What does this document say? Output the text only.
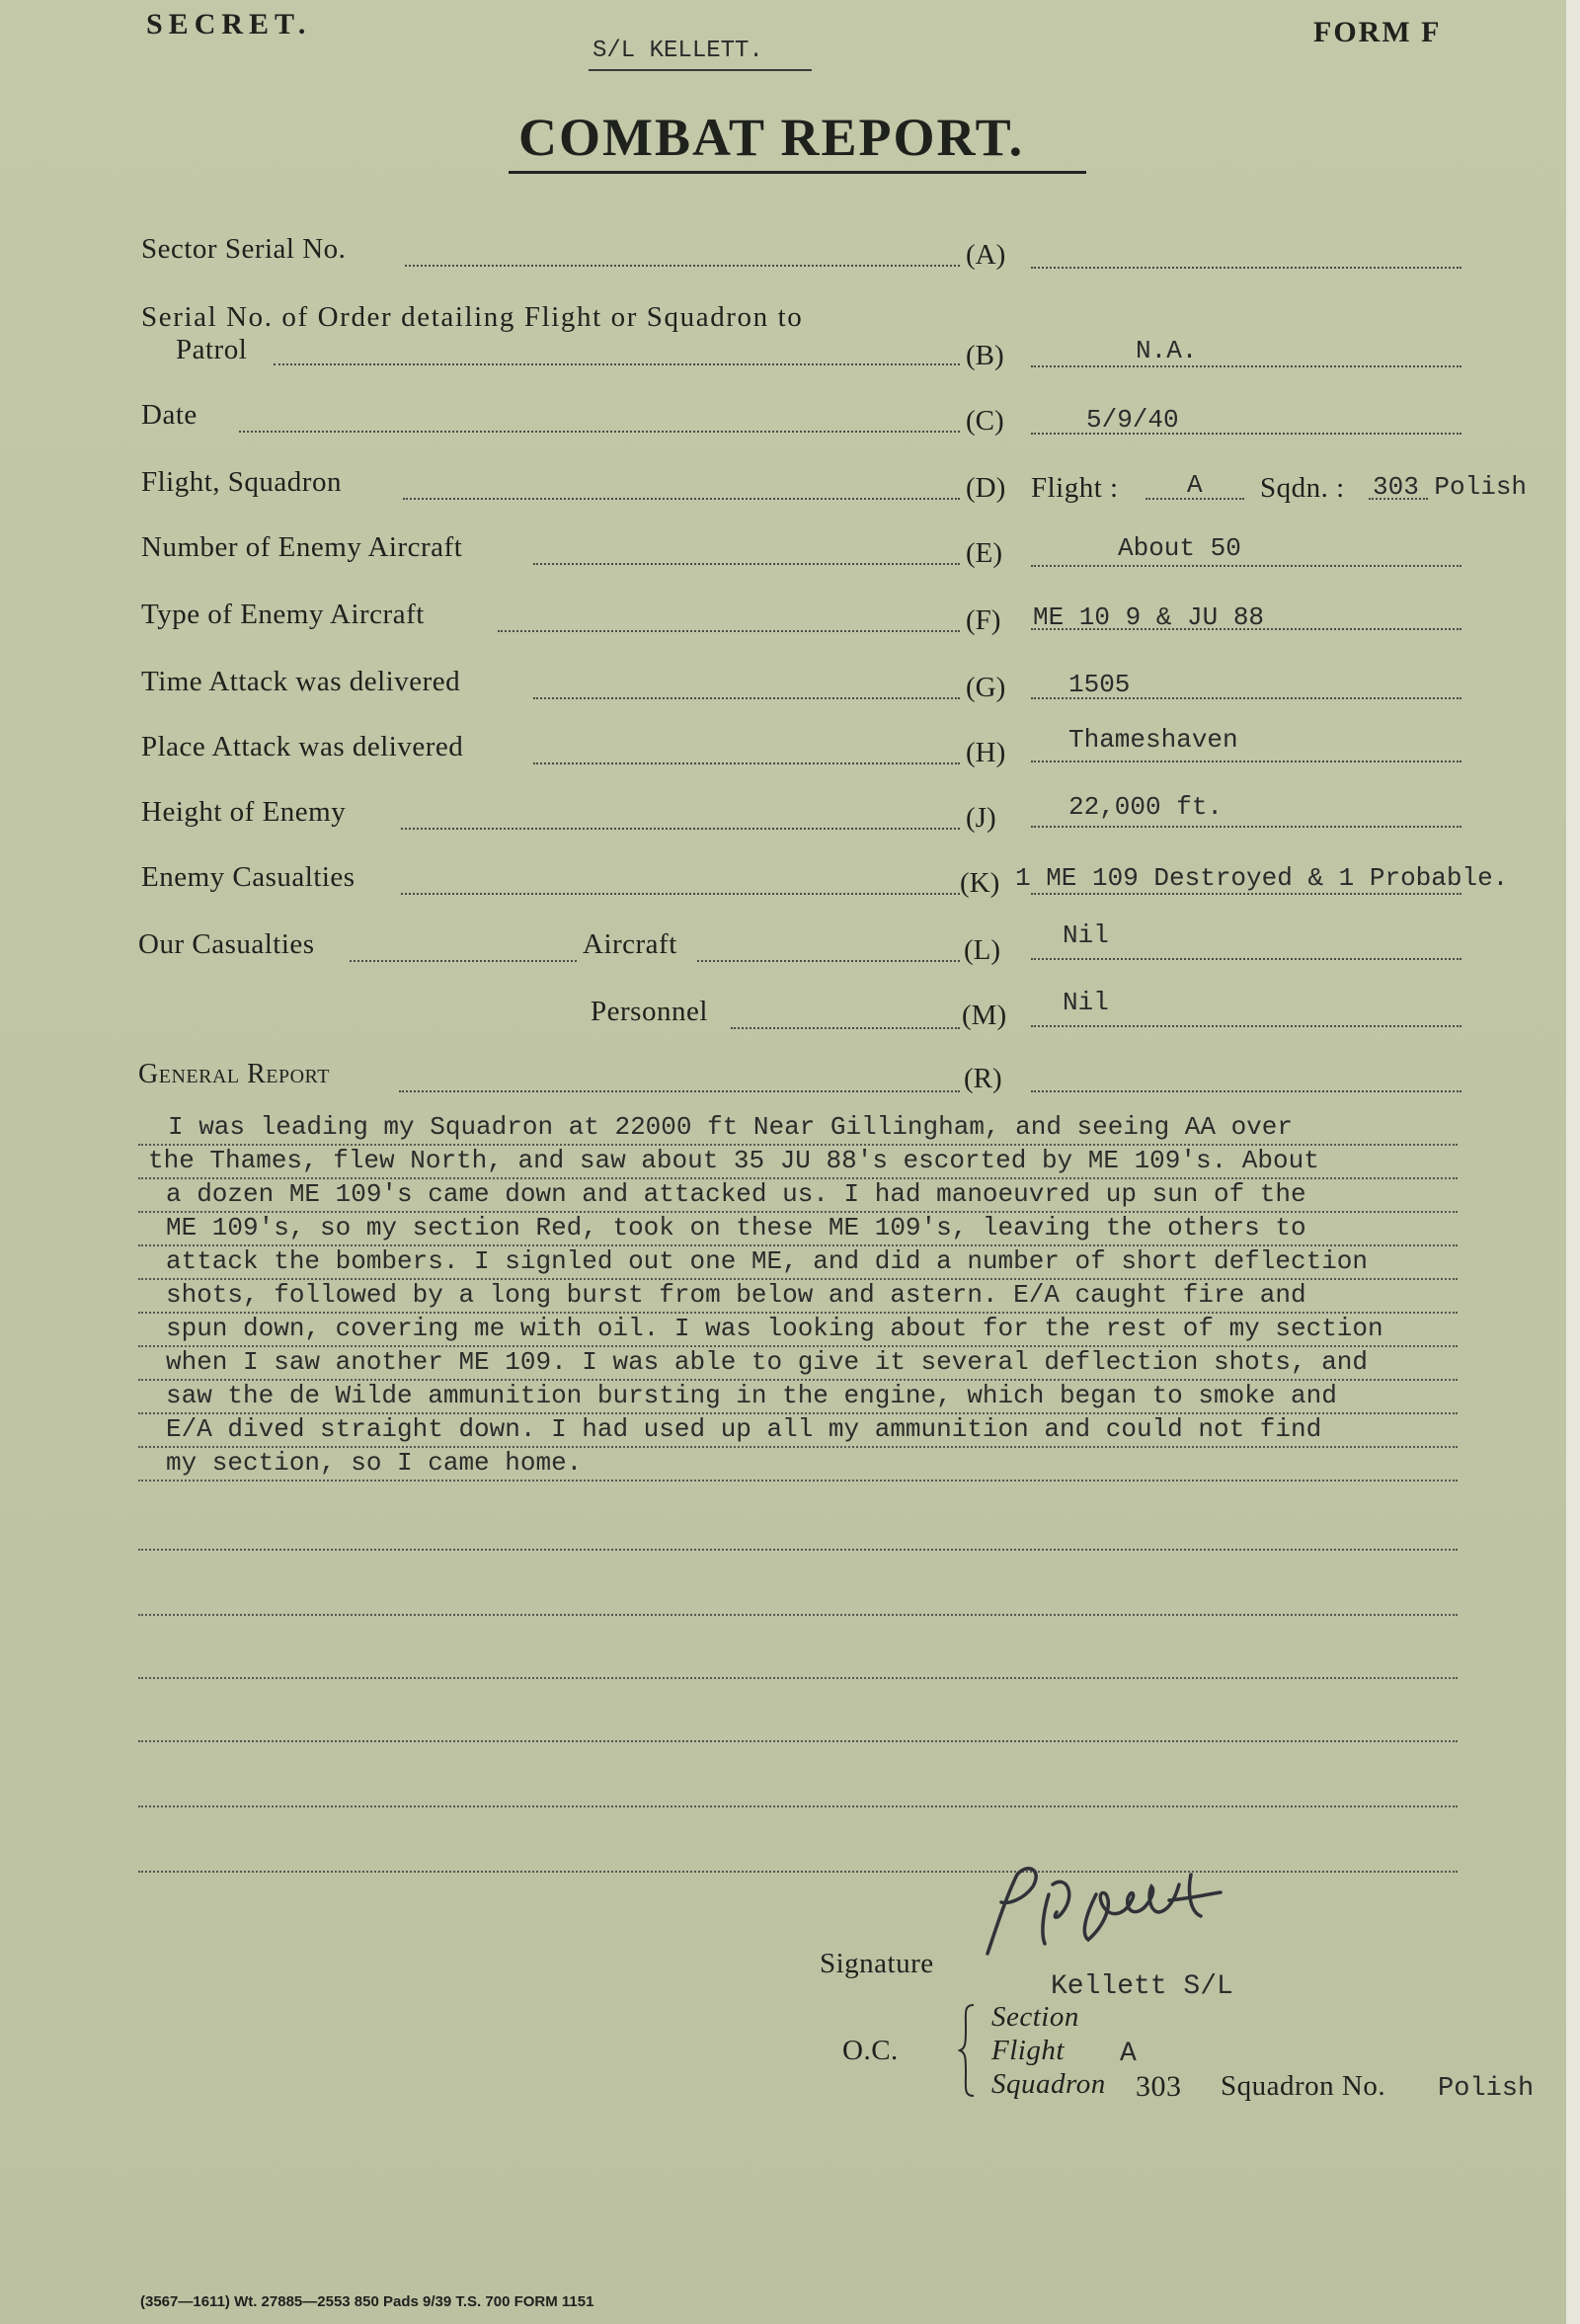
SECRET.	FORM F
S/L KELLETT.
COMBAT REPORT.
Sector Serial No.	(A)
Serial No. of Order detailing Flight or Squadron to
Patrol	(B)	N.A.
Date	(C)	5/9/40
Flight, Squadron	(D) Flight :	A Sqdn. : 303 Polish
Number of Enemy Aircraft	(E)	About 50
Type of Enemy Aircraft	(F) ME 10 9 & JU 88
Time Attack was delivered	(G) 1505
Place Attack was delivered	(H) Thameshaven
Height of Enemy	(J)	22,000 ft.
Enemy Casualties	(K) 1 ME 109 Destroyed & 1 Probable.
Our Casualties	Aircraft	(L) Nil
Personnel	(M) Nil
General Report	(R)
I was leading my Squadron at 22000 ft Near Gillingham, and seeing AA over
the Thames, flew North, and saw about 35 JU 88's escorted by ME 109's. About
a dozen ME 109's came down and attacked us. I had manoeuvred up sun of the
ME 109's, so my section Red, took on these ME 109's, leaving the others to
attack the bombers. I signled out one ME, and did a number of short deflection
shots, followed by a long burst from below and astern. E/A caught fire and
spun down, covering me with oil. I was looking about for the rest of my section
when I saw another ME 109. I was able to give it several deflection shots, and
saw the de Wilde ammunition bursting in the engine, which began to smoke and
E/A dived straight down. I had used up all my ammunition and could not find
my section, so I came home.
Signature
Kellett S/L
O.C.
Section
Flight A
Squadron 303 Squadron No. Polish
(3567—1611) Wt. 27885—2553 850 Pads 9/39 T.S. 700 FORM 1151
